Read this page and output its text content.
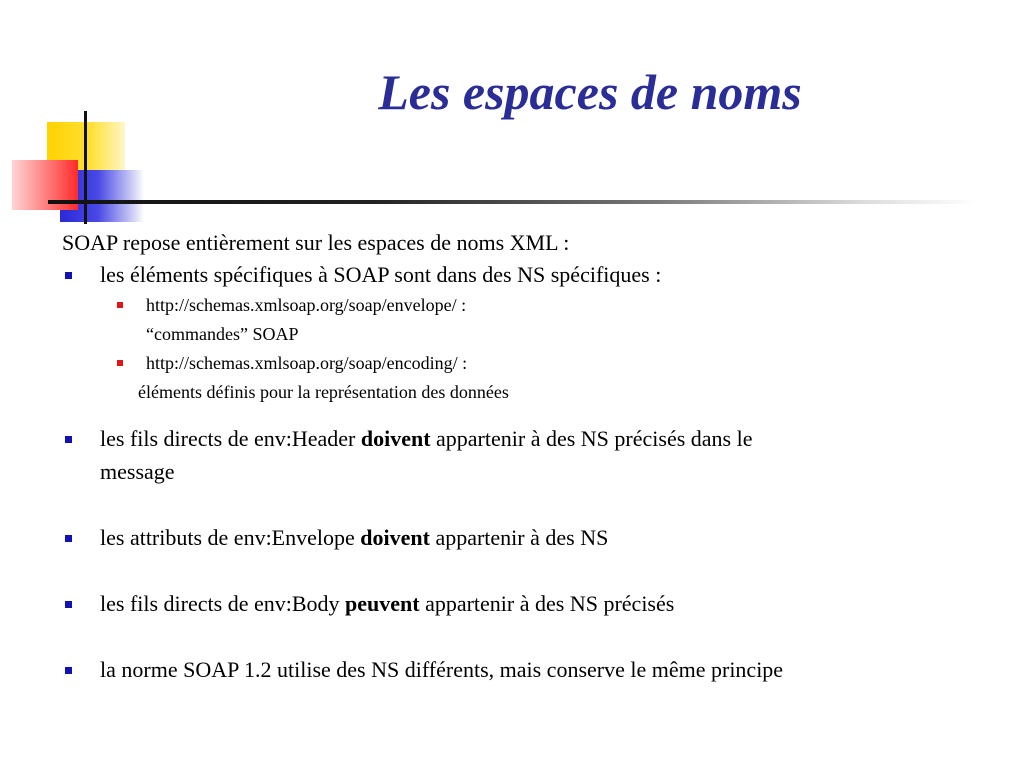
Les espaces de noms

SOAP repose entièrement sur les espaces de noms XML :

les éléments spécifiques à SOAP sont dans des NS spécifiques :
http://schemas.xmlsoap.org/soap/envelope/ :
“commandes” SOAP
http://schemas.xmlsoap.org/soap/encoding/ :
éléments définis pour la représentation des données
les fils directs de env:Header doivent appartenir à des NS précisés dans le
message
les attributs de env:Envelope doivent appartenir à des NS
les fils directs de env:Body peuvent appartenir à des NS précisés
la norme SOAP 1.2 utilise des NS différents, mais conserve le même principe
